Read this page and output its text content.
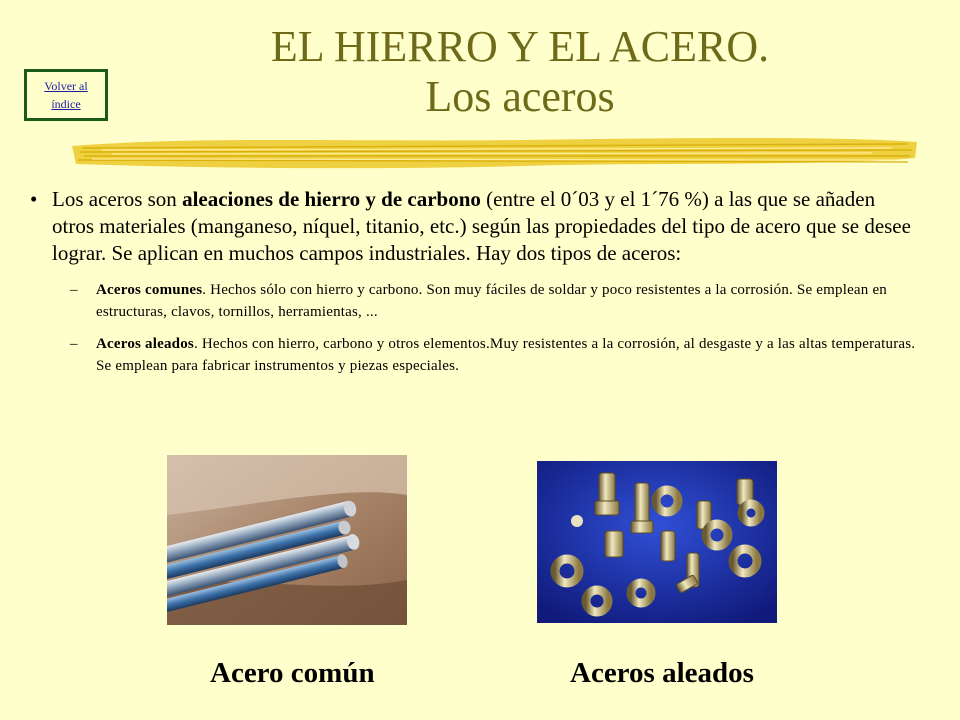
Volver al índice
EL HIERRO Y EL ACERO.
Los aceros
• Los aceros son aleaciones de hierro y de carbono (entre el 0´03 y el 1´76 %) a las que se añaden otros materiales (manganeso, níquel, titanio, etc.) según las propiedades del tipo de acero que se desee lograr. Se aplican en muchos campos industriales. Hay dos tipos de aceros:
– Aceros comunes. Hechos sólo con hierro y carbono. Son muy fáciles de soldar y poco resistentes a la corrosión. Se emplean en estructuras, clavos, tornillos, herramientas, ...
– Aceros aleados. Hechos con hierro, carbono y otros elementos.Muy resistentes a la corrosión, al desgaste y a las altas temperaturas. Se emplean para fabricar instrumentos y piezas especiales.
Acero común	Aceros aleados
